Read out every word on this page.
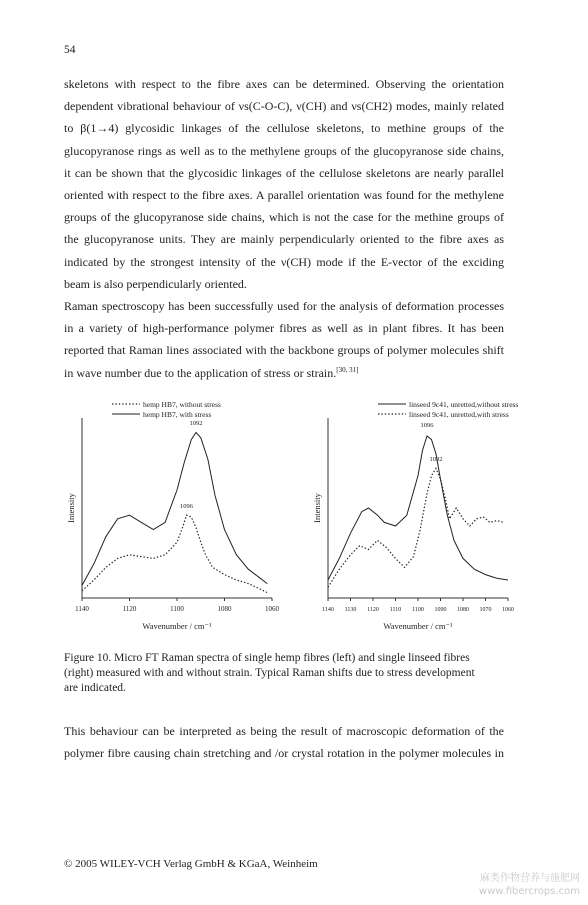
54
skeletons with respect to the fibre axes can be determined. Observing the orientation
dependent vibrational behaviour of νs(C-O-C), ν(CH) and νs(CH2) modes, mainly related
to β(1→4) glycosidic linkages of the cellulose skeletons, to methine groups of the
glucopyranose rings as well as to the methylene groups of the glucopyranose side chains,
it can be shown that the glycosidic linkages of the cellulose skeletons are nearly parallel
oriented with respect to the fibre axes. A parallel orientation was found for the methylene
groups of the glucopyranose side chains, which is not the case for the methine groups of
the glucopyranose units. They are mainly perpendicularly oriented to the fibre axes as
indicated by the strongest intensity of the ν(CH) mode if the E-vector of the exciding
beam is also perpendicularly oriented.
Raman spectroscopy has been successfully used for the analysis of deformation processes
in a variety of high-performance polymer fibres as well as in plant fibres. It has been
reported that Raman lines associated with the backbone groups of polymer molecules shift
in wave number due to the application of stress or strain.[30, 31]
1140	1120	1100	1080	1060
Wavenumber / cm⁻¹
Intensity
hemp HB7, without stress
hemp HB7, with stress
1092
1096
1140 1130 1120 1110 1100 1090 1080 1070 1060
Wavenumber / cm⁻¹
Intensity
linseed 9c41, unretted,without stress
linseed 9c41, unretted,with stress
1096
1092

Figure 10. Micro FT Raman spectra of single hemp fibres (left) and single linseed fibres

(right) measured with and without strain. Typical Raman shifts due to stress development

are indicated.

This behaviour can be interpreted as being the result of macroscopic deformation of the
polymer fibre causing chain stretching and /or crystal rotation in the polymer molecules in
© 2005 WILEY-VCH Verlag GmbH & KGaA, Weinheim
麻类作物营养与施肥网
www.fibercrops.com
